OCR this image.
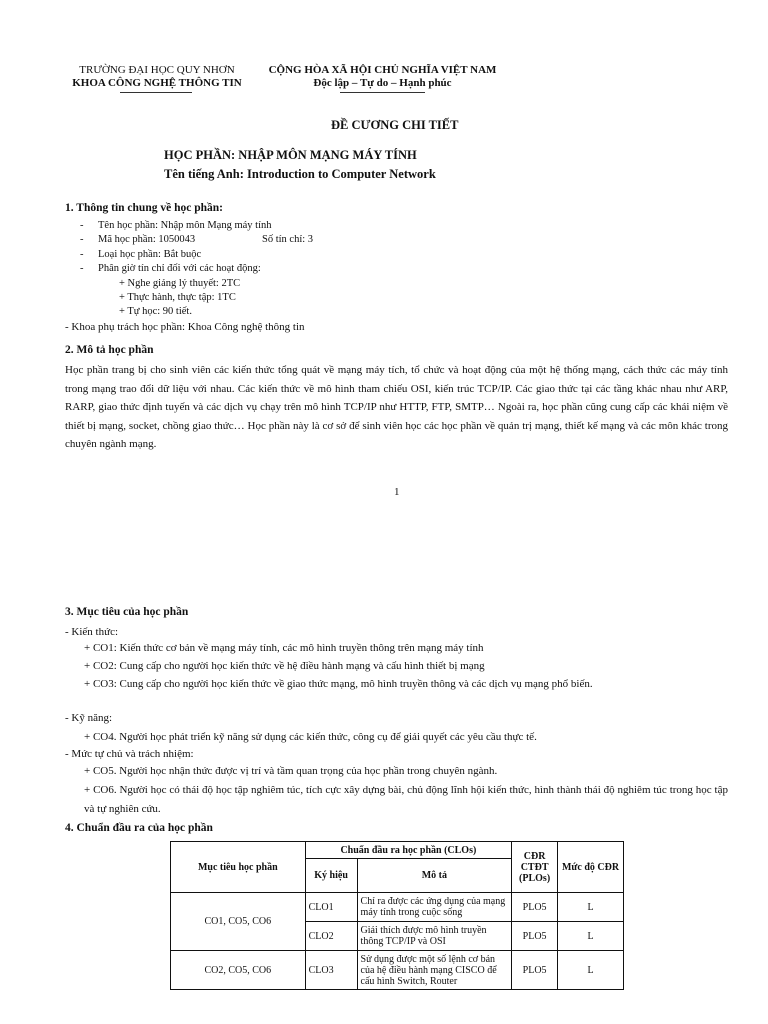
TRƯỜNG ĐẠI HỌC QUY NHƠN
KHOA CÔNG NGHỆ THÔNG TIN
CỘNG HÒA XÃ HỘI CHỦ NGHĨA VIỆT NAM
Độc lập – Tự do – Hạnh phúc
ĐỀ CƯƠNG CHI TIẾT
HỌC PHẦN: NHẬP MÔN MẠNG MÁY TÍNH
Tên tiếng Anh: Introduction to Computer Network
1. Thông tin chung về học phần:
- Tên học phần: Nhập môn Mạng máy tính
- Mã học phần: 1050043	Số tín chỉ: 3
- Loại học phần: Bắt buộc
- Phân giờ tín chỉ đối với các hoạt động:
+ Nghe giảng lý thuyết: 2TC
+ Thực hành, thực tập: 1TC
+ Tự học: 90 tiết.
- Khoa phụ trách học phần: Khoa Công nghệ thông tin
2. Mô tả học phần
Học phần trang bị cho sinh viên các kiến thức tổng quát về mạng máy tích, tổ chức và hoạt động của một hệ thống mạng, cách thức các máy tính trong mạng trao đổi dữ liệu với nhau. Các kiến thức về mô hình tham chiếu OSI, kiến trúc TCP/IP. Các giao thức tại các tầng khác nhau như ARP, RARP, giao thức định tuyến và các dịch vụ chạy trên mô hình TCP/IP như HTTP, FTP, SMTP… Ngoài ra, học phần cũng cung cấp các khái niệm về thiết bị mạng, socket, chồng giao thức… Học phần này là cơ sở để sinh viên học các học phần về quản trị mạng, thiết kế mạng và các môn khác trong chuyên ngành mạng.
1
3. Mục tiêu của học phần
- Kiến thức:
+ CO1: Kiến thức cơ bản về mạng máy tính, các mô hình truyền thông trên mạng máy tính
+ CO2: Cung cấp cho người học kiến thức về hệ điều hành mạng và cấu hình thiết bị mạng
+ CO3: Cung cấp cho người học kiến thức về giao thức mạng, mô hình truyền thông và các dịch vụ mạng phổ biến.
- Kỹ năng:
+ CO4. Người học phát triển kỹ năng sử dụng các kiến thức, công cụ để giải quyết các yêu cầu thực tế.
- Mức tự chủ và trách nhiệm:
+ CO5. Người học nhận thức được vị trí và tầm quan trọng của học phần trong chuyên ngành.
+ CO6. Người học có thái độ học tập nghiêm túc, tích cực xây dựng bài, chủ động lĩnh hội kiến thức, hình thành thái độ nghiêm túc trong học tập và tự nghiên cứu.
4. Chuẩn đầu ra của học phần
Mục tiêu học phần	Chuẩn đầu ra học phần (CLOs)		CĐR CTĐT (PLOs)	Mức độ CĐR
	Ký hiệu	Mô tả		
CO1, CO5, CO6	CLO1	Chỉ ra được các ứng dụng của mạng máy tính trong cuộc sống	PLO5	L
	CLO2	Giải thích được mô hình truyền thông TCP/IP và OSI	PLO5	L
CO2, CO5, CO6	CLO3	Sử dụng được một số lệnh cơ bản của hệ điều hành mạng CISCO để cấu hình Switch, Router	PLO5	L
